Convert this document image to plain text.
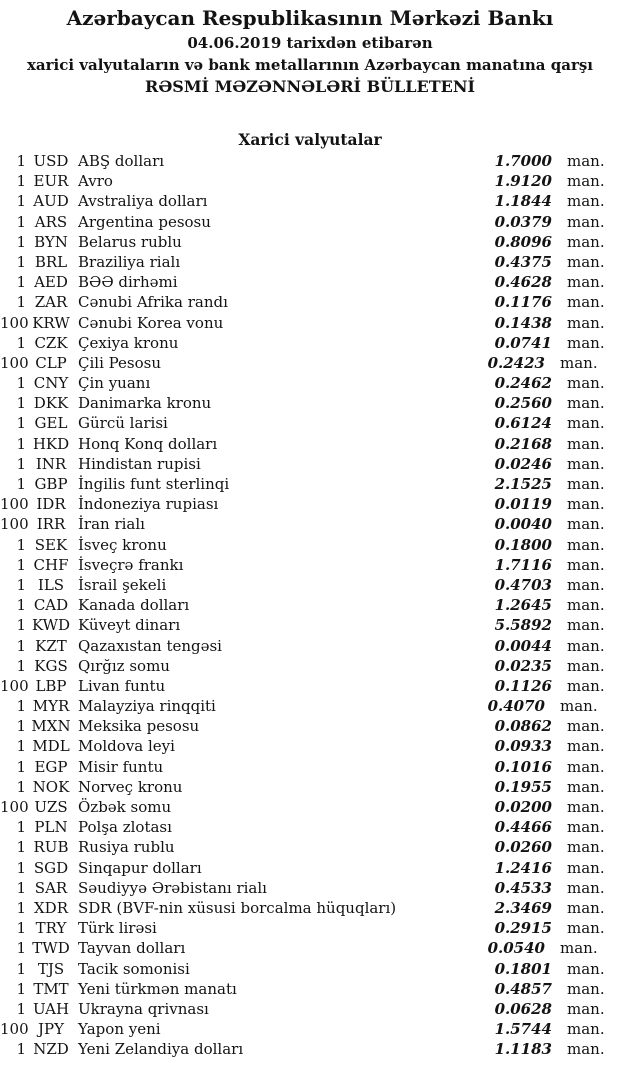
Azərbaycan Respublikasının Mərkəzi Bankı
04.06.2019 tarixdən etibarən
xarici valyutaların və bank metallarının Azərbaycan manatına qarşı
RƏSMİ MƏZƏNNƏLƏRİ BÜLLETENİ
Xarici valyutalar
1 USD ABŞ dolları	1.7000	man.
1 EUR Avro	1.9120	man.
1 AUD Avstraliya dolları	1.1844	man.
1 ARS Argentina pesosu	0.0379	man.
1 BYN Belarus rublu	0.8096	man.
1 BRL Braziliya rialı	0.4375	man.
1 AED BƏƏ dirhəmi	0.4628	man.
1 ZAR Cənubi Afrika randı	0.1176	man.
100 KRW Cənubi Korea vonu	0.1438	man.
1 CZK Çexiya kronu	0.0741	man.
100 CLP Çili Pesosu	0.2423	man.
1 CNY Çin yuanı	0.2462	man.
1 DKK Danimarka kronu	0.2560	man.
1 GEL Gürcü larisi	0.6124	man.
1 HKD Honq Konq dolları	0.2168	man.
1 INR Hindistan rupisi	0.0246	man.
1 GBP İngilis funt sterlinqi	2.1525	man.
100 IDR İndoneziya rupiası	0.0119	man.
100 IRR İran rialı	0.0040	man.
1 SEK İsveç kronu	0.1800	man.
1 CHF İsveçrə frankı	1.7116	man.
1 ILS İsrail şekeli	0.4703	man.
1 CAD Kanada dolları	1.2645	man.
1 KWD Küveyt dinarı	5.5892	man.
1 KZT Qazaxıstan tengəsi	0.0044	man.
1 KGS Qırğız somu	0.0235	man.
100 LBP Livan funtu	0.1126	man.
1 MYR Malayziya rinqqiti	0.4070	man.
1 MXN Meksika pesosu	0.0862	man.
1 MDL Moldova leyi	0.0933	man.
1 EGP Misir funtu	0.1016	man.
1 NOK Norveç kronu	0.1955	man.
100 UZS Özbək somu	0.0200	man.
1 PLN Polşa zlotası	0.4466	man.
1 RUB Rusiya rublu	0.0260	man.
1 SGD Sinqapur dolları	1.2416	man.
1 SAR Səudiyyə Ərəbistanı rialı	0.4533	man.
1 XDR SDR (BVF-nin xüsusi borcalma hüquqları)	2.3469	man.
1 TRY Türk lirəsi	0.2915	man.
1 TWD Tayvan dolları	0.0540	man.
1 TJS Tacik somonisi	0.1801	man.
1 TMT Yeni türkmən manatı	0.4857	man.
1 UAH Ukrayna qrivnası	0.0628	man.
100 JPY Yapon yeni	1.5744	man.
1 NZD Yeni Zelandiya dolları	1.1183	man.
